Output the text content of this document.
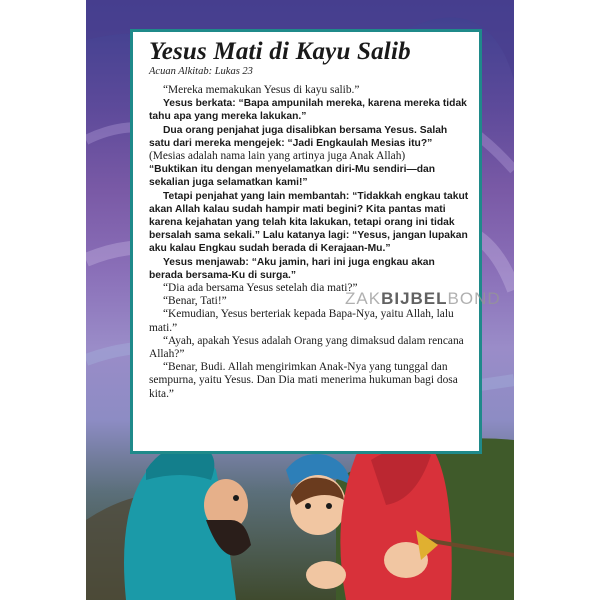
Yesus Mati di Kayu Salib
Acuan Alkitab: Lukas 23

“Mereka memakukan Yesus di kayu salib.”

Yesus berkata: “Bapa ampunilah mereka, karena mereka tidak tahu apa yang mereka lakukan.”

Dua orang penjahat juga disalibkan bersama Yesus. Salah satu dari mereka mengejek: “Jadi Engkaulah Mesias itu?”

(Mesias adalah nama lain yang artinya juga Anak Allah)

“Buktikan itu dengan menyelamatkan diri-Mu sendiri—dan sekalian juga selamatkan kami!”

Tetapi penjahat yang lain membantah: “Tidakkah engkau takut akan Allah kalau sudah hampir mati begini? Kita pantas mati karena kejahatan yang telah kita lakukan, tetapi orang ini tidak bersalah sama sekali.” Lalu katanya lagi: “Yesus, jangan lupakan aku kalau Engkau sudah berada di Kerajaan-Mu.”

Yesus menjawab: “Aku jamin, hari ini juga engkau akan berada bersama-Ku di surga.”

“Dia ada bersama Yesus setelah dia mati?”

“Benar, Tati!”

“Kemudian, Yesus berteriak kepada Bapa-Nya, yaitu Allah, lalu mati.”

“Ayah, apakah Yesus adalah Orang yang dimaksud dalam rencana Allah?”

“Benar, Budi. Allah mengirimkan Anak-Nya yang tunggal dan sempurna, yaitu Yesus. Dan Dia mati menerima hukuman bagi dosa kita.”

ZAKBIJBELBOND
